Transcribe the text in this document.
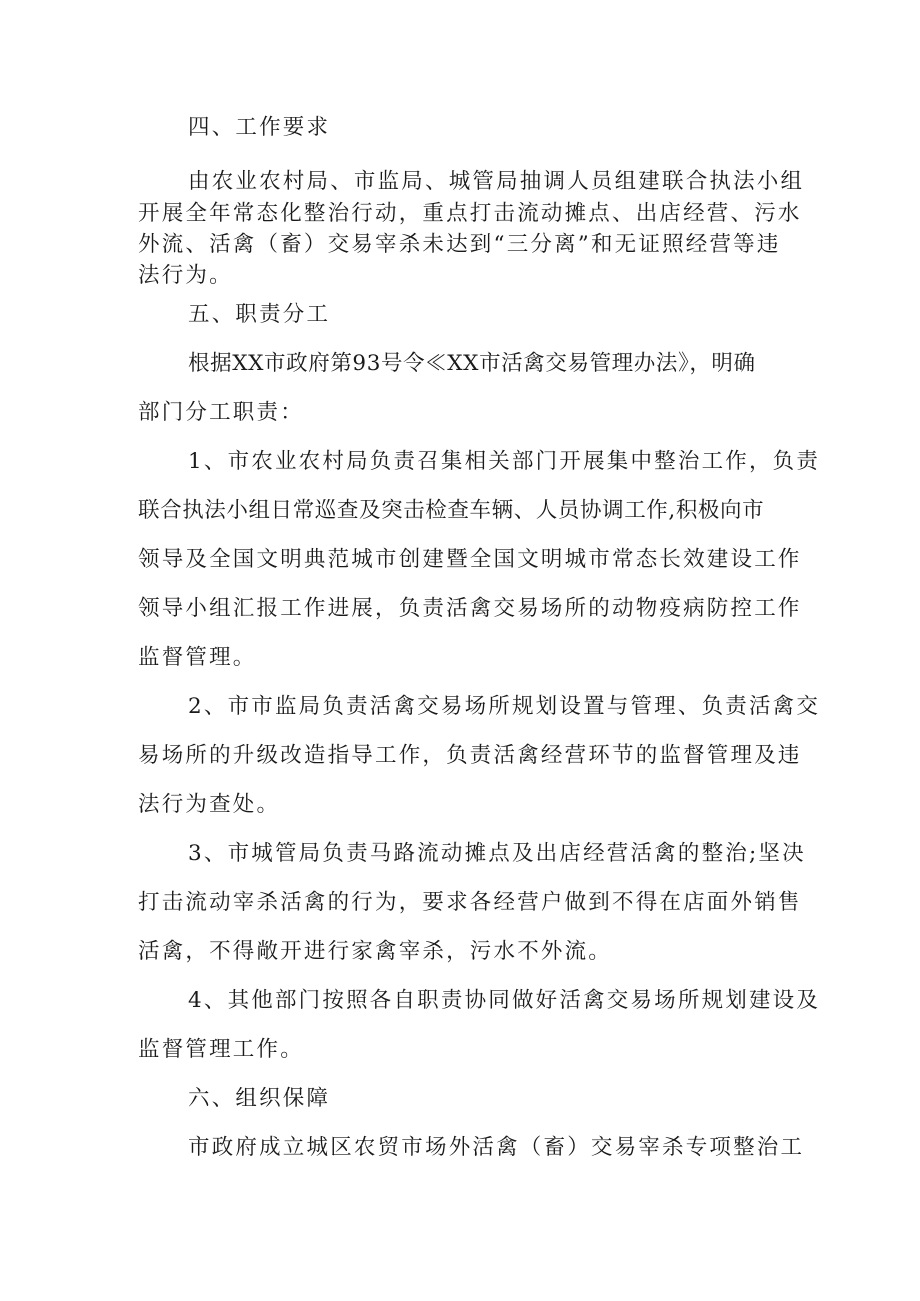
四、工作要求
由农业农村局、市监局、城管局抽调人员组建联合执法小组
开展全年常态化整治行动，重点打击流动摊点、出店经营、污水
外流、活禽（畜）交易宰杀未达到“三分离”和无证照经营等违
法行为。
五、职责分工
根据XX市政府第93号令≪XX市活禽交易管理办法》，明确
部门分工职责：
1、市农业农村局负责召集相关部门开展集中整治工作，负责
联合执法小组日常巡查及突击检查车辆、人员协调工作,积极向市
领导及全国文明典范城市创建暨全国文明城市常态长效建设工作
领导小组汇报工作进展，负责活禽交易场所的动物疫病防控工作
监督管理。
2、市市监局负责活禽交易场所规划设置与管理、负责活禽交
易场所的升级改造指导工作，负责活禽经营环节的监督管理及违
法行为查处。
3、市城管局负责马路流动摊点及出店经营活禽的整治;坚决
打击流动宰杀活禽的行为，要求各经营户做到不得在店面外销售
活禽，不得敞开进行家禽宰杀，污水不外流。
4、其他部门按照各自职责协同做好活禽交易场所规划建设及
监督管理工作。
六、组织保障
市政府成立城区农贸市场外活禽（畜）交易宰杀专项整治工
